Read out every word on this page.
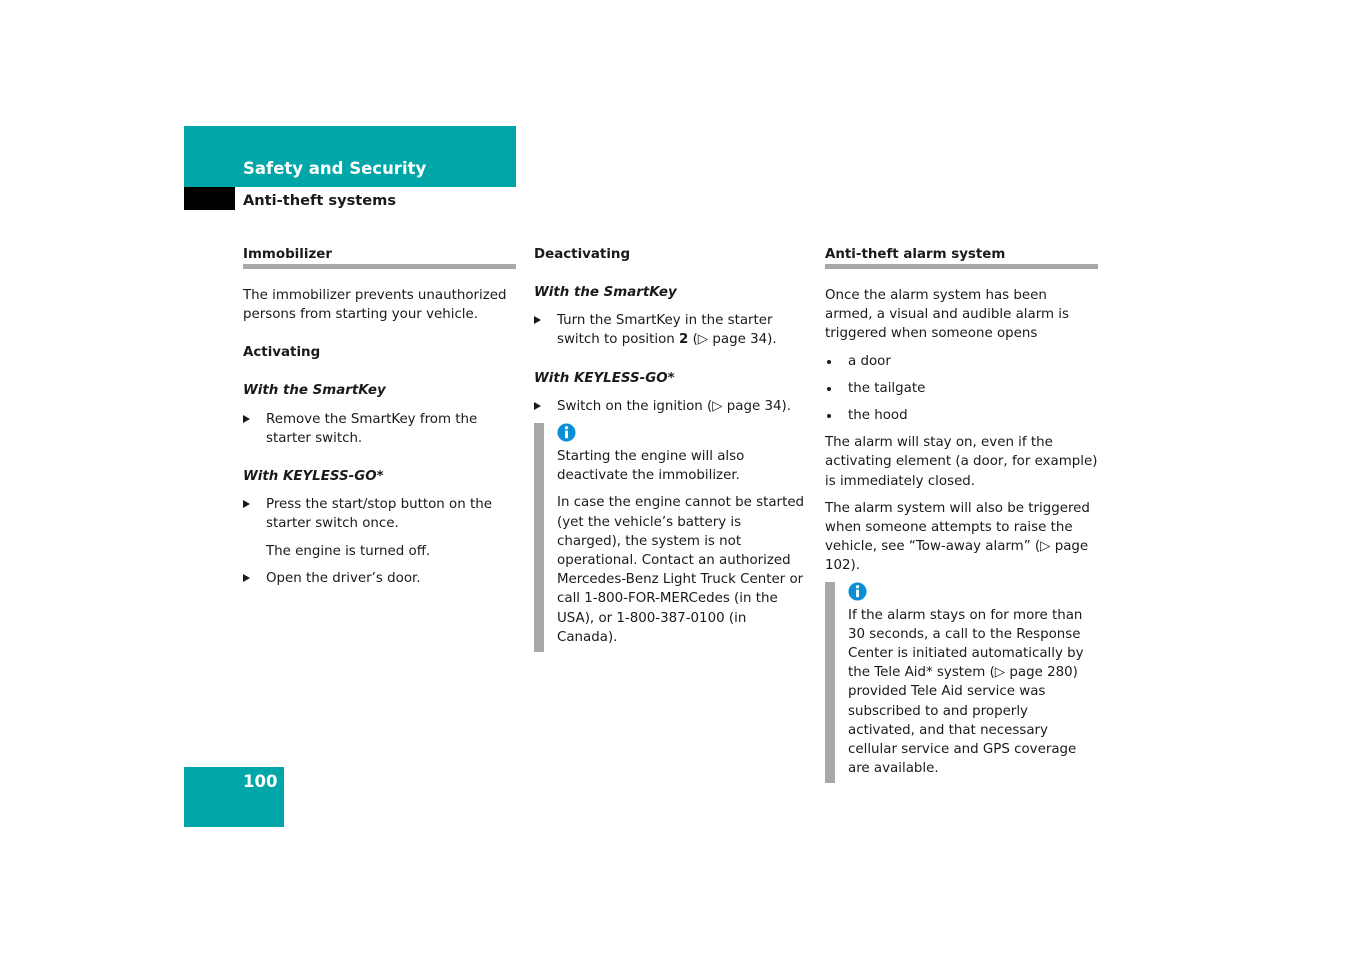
Safety and Security
Anti-theft systems
Immobilizer

The immobilizer prevents unauthorized persons from starting your vehicle.

Activating

With the SmartKey

Remove the SmartKey from the starter switch.

With KEYLESS-GO*

Press the start/stop button on the starter switch once.

The engine is turned off.

Open the driver’s door.
Deactivating

With the SmartKey

Turn the SmartKey in the starter switch to position 2 (▷ page 34).

With KEYLESS-GO*

Switch on the ignition (▷ page 34).

Starting the engine will also deactivate the immobilizer.

In case the engine cannot be started (yet the vehicle’s battery is charged), the system is not operational. Contact an authorized Mercedes-Benz Light Truck Center or call 1-800-FOR-MERCedes (in the USA), or 1-800-387-0100 (in Canada).

Anti-theft alarm system

Once the alarm system has been armed, a visual and audible alarm is triggered when someone opens

a door
the tailgate
the hood

The alarm will stay on, even if the activating element (a door, for example) is immediately closed.

The alarm system will also be triggered when someone attempts to raise the vehicle, see “Tow-away alarm” (▷ page 102).

If the alarm stays on for more than 30 seconds, a call to the Response Center is initiated automatically by the Tele Aid* system (▷ page 280) provided Tele Aid service was subscribed to and properly activated, and that necessary cellular service and GPS coverage are available.

100
